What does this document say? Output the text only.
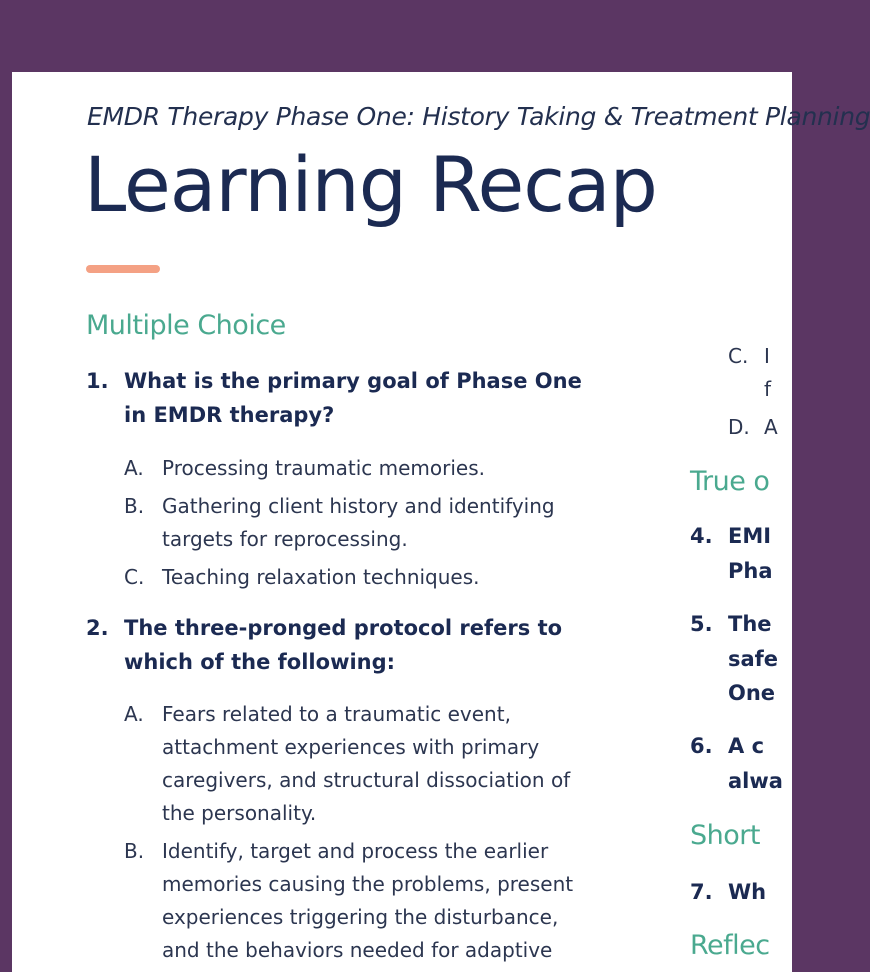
EMDR Therapy Phase One: History Taking & Treatment Planning
Learning Recap
Multiple Choice
1. What is the primary goal of Phase One in EMDR therapy?
A. Processing traumatic memories.
B. Gathering client history and identifying targets for reprocessing.
C. Teaching relaxation techniques.
2. The three-pronged protocol refers to which of the following:
A. Fears related to a traumatic event, attachment experiences with primary caregivers, and structural dissociation of the personality.
B. Identify, target and process the earlier memories causing the problems, present experiences triggering the disturbance, and the behaviors needed for adaptive
C. I
f
D. A
True o
4. EMI
Pha
5. The
safe
One
6. A c
alwa
Short
7. Wh
Reflec
